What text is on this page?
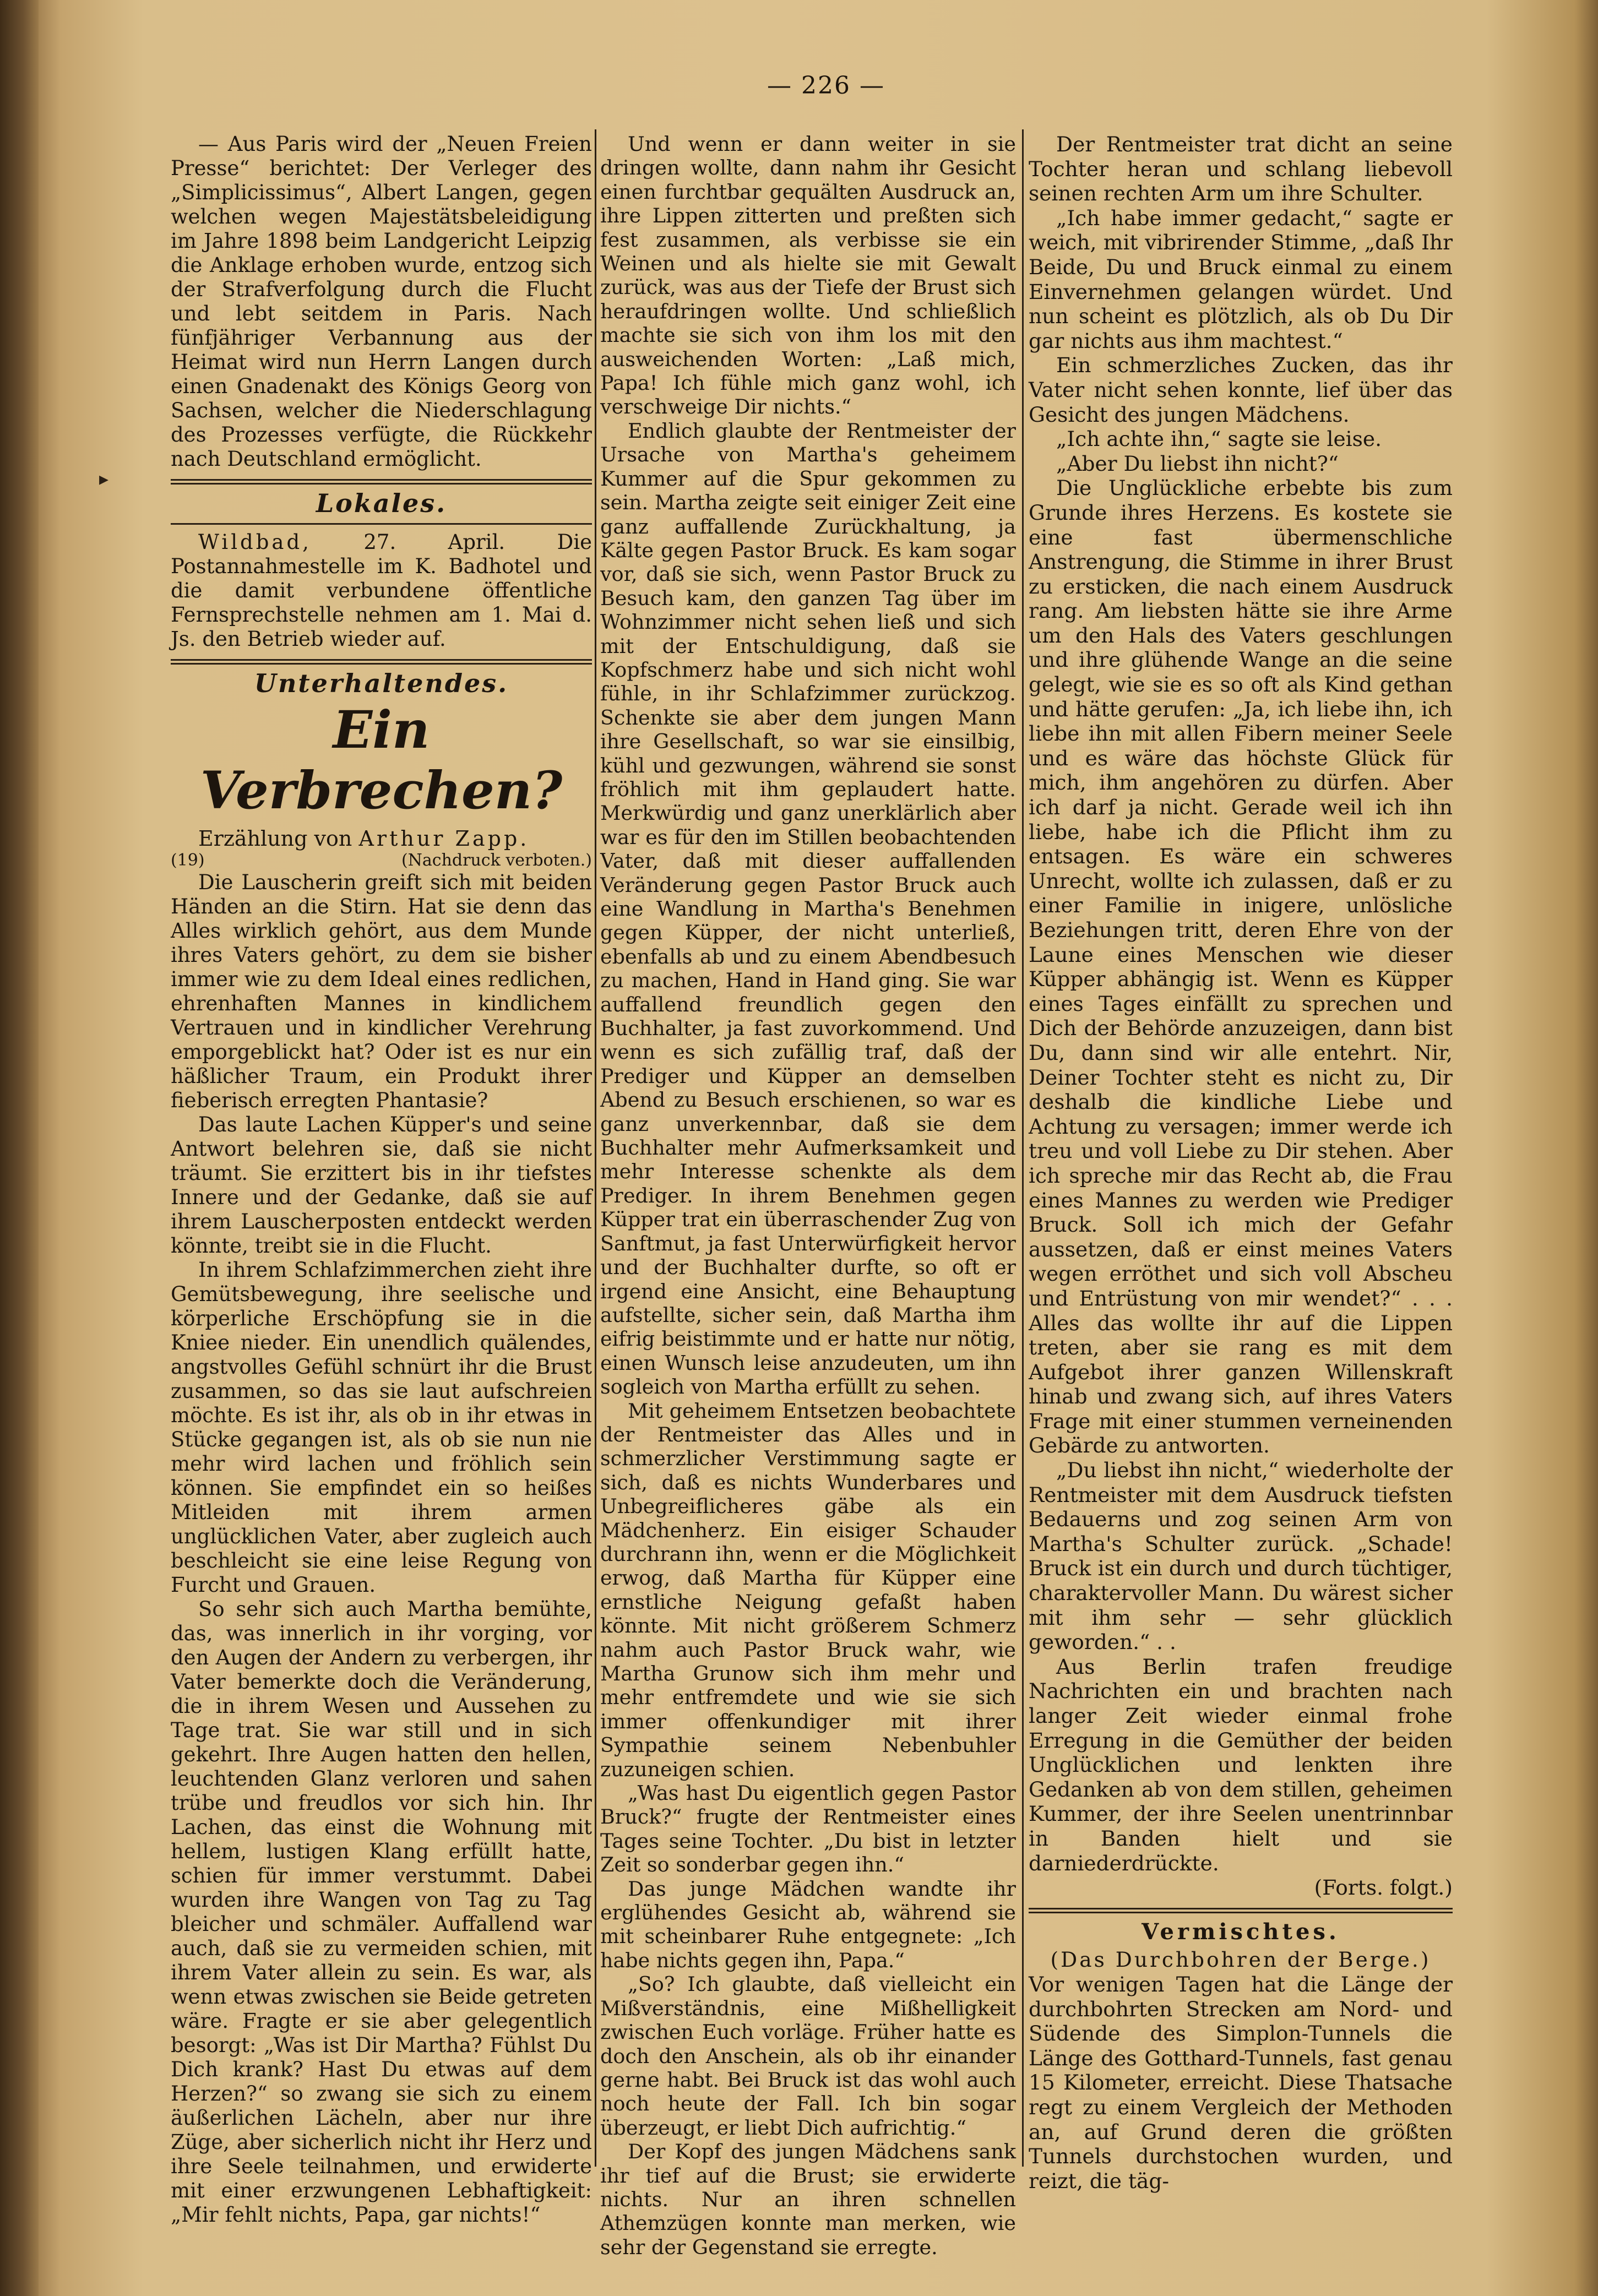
— 226 —
▸

— Aus Paris wird der „Neuen Freien Presse“ berichtet: Der Verleger des „Simplicissimus“, Albert Langen, gegen welchen wegen Majestätsbeleidigung im Jahre 1898 beim Landgericht Leipzig die Anklage erhoben wurde, entzog sich der Strafverfolgung durch die Flucht und lebt seitdem in Paris. Nach fünfjähriger Verbannung aus der Heimat wird nun Herrn Langen durch einen Gnadenakt des Königs Georg von Sachsen, welcher die Niederschlagung des Prozesses verfügte, die Rückkehr nach Deutschland ermöglicht.

Lokales.

Wildbad,	27. April. Die Postannahmestelle im K. Badhotel und die damit verbundene öffentliche Fernsprechstelle nehmen am 1. Mai d. Js. den Betrieb wieder auf.

Unterhaltendes.
Ein Verbrechen?

Erzählung von Arthur Zapp.

(19)	(Nachdruck verboten.)

Die Lauscherin greift sich mit beiden Händen an die Stirn. Hat sie denn das Alles wirklich gehört, aus dem Munde ihres Vaters gehört, zu dem sie bisher immer wie zu dem Ideal eines redlichen, ehrenhaften Mannes in kindlichem Vertrauen und in kindlicher Verehrung emporgeblickt hat? Oder ist es nur ein häßlicher Traum, ein Produkt ihrer fieberisch erregten Phantasie?

Das laute Lachen Küpper's und seine Antwort belehren sie, daß sie nicht träumt. Sie erzittert bis in ihr tiefstes Innere und der Gedanke, daß sie auf ihrem Lauscherposten entdeckt werden könnte, treibt sie in die Flucht.

In ihrem Schlafzimmerchen zieht ihre Gemütsbewegung, ihre seelische und körperliche Erschöpfung sie in die Kniee nieder. Ein unendlich quälendes, angstvolles Gefühl schnürt ihr die Brust zusammen, so das sie laut aufschreien möchte. Es ist ihr, als ob in ihr etwas in Stücke gegangen ist, als ob sie nun nie mehr wird lachen und fröhlich sein können. Sie empfindet ein so heißes Mitleiden mit ihrem armen unglücklichen Vater, aber zugleich auch beschleicht sie eine leise Regung von Furcht und Grauen.

So sehr sich auch Martha bemühte, das, was innerlich in ihr vorging, vor den Augen der Andern zu verbergen, ihr Vater bemerkte doch die Veränderung, die in ihrem Wesen und Aussehen zu Tage trat. Sie war still und in sich gekehrt. Ihre Augen hatten den hellen, leuchtenden Glanz verloren und sahen trübe und freudlos vor sich hin. Ihr Lachen, das einst die Wohnung mit hellem, lustigen Klang erfüllt hatte, schien für immer verstummt. Dabei wurden ihre Wangen von Tag zu Tag bleicher und schmäler. Auffallend war auch, daß sie zu vermeiden schien, mit ihrem Vater allein zu sein. Es war, als wenn etwas zwischen sie Beide getreten wäre. Fragte er sie aber gelegentlich besorgt: „Was ist Dir Martha? Fühlst Du Dich krank? Hast Du etwas auf dem Herzen?“ so zwang sie sich zu einem äußerlichen Lächeln, aber nur ihre Züge, aber sicherlich nicht ihr Herz und ihre Seele teilnahmen, und erwiderte mit einer erzwungenen Lebhaftigkeit: „Mir fehlt nichts, Papa, gar nichts!“

Und wenn er dann weiter in sie dringen wollte, dann nahm ihr Gesicht einen furchtbar gequälten Ausdruck an, ihre Lippen zitterten und preßten sich fest zusammen, als verbisse sie ein Weinen und als hielte sie mit Gewalt zurück, was aus der Tiefe der Brust sich heraufdringen wollte. Und schließlich machte sie sich von ihm los mit den ausweichenden Worten: „Laß mich, Papa! Ich fühle mich ganz wohl, ich verschweige Dir nichts.“

Endlich glaubte der Rentmeister der Ursache von Martha's geheimem Kummer auf die Spur gekommen zu sein. Martha zeigte seit einiger Zeit eine ganz auffallende Zurückhaltung, ja Kälte gegen Pastor Bruck. Es kam sogar vor, daß sie sich, wenn Pastor Bruck zu Besuch kam, den ganzen Tag über im Wohnzimmer nicht sehen ließ und sich mit der Entschuldigung, daß sie Kopfschmerz habe und sich nicht wohl fühle, in ihr Schlafzimmer zurückzog. Schenkte sie aber dem jungen Mann ihre Gesellschaft, so war sie einsilbig, kühl und gezwungen, während sie sonst fröhlich mit ihm geplaudert hatte. Merkwürdig und ganz unerklärlich aber war es für den im Stillen beobachtenden Vater, daß mit dieser auffallenden Veränderung gegen Pastor Bruck auch eine Wandlung in Martha's Benehmen gegen Küpper, der nicht unterließ, ebenfalls ab und zu einem Abendbesuch zu machen, Hand in Hand ging. Sie war auffallend freundlich gegen den Buchhalter, ja fast zuvorkommend. Und wenn es sich zufällig traf, daß der Prediger und Küpper an demselben Abend zu Besuch erschienen, so war es ganz unverkennbar, daß sie dem Buchhalter mehr Aufmerksamkeit und mehr Interesse schenkte als dem Prediger. In ihrem Benehmen gegen Küpper trat ein überraschender Zug von Sanftmut, ja fast Unterwürfigkeit hervor und der Buchhalter durfte, so oft er irgend eine Ansicht, eine Behauptung aufstellte, sicher sein, daß Martha ihm eifrig beistimmte und er hatte nur nötig, einen Wunsch leise anzudeuten, um ihn sogleich von Martha erfüllt zu sehen.

Mit geheimem Entsetzen beobachtete der Rentmeister das Alles und in schmerzlicher Verstimmung sagte er sich, daß es nichts Wunderbares und Unbegreiflicheres gäbe als ein Mädchenherz. Ein eisiger Schauder durchrann ihn, wenn er die Möglichkeit erwog, daß Martha für Küpper eine ernstliche Neigung gefaßt haben könnte. Mit nicht größerem Schmerz nahm auch Pastor Bruck wahr, wie Martha Grunow sich ihm mehr und mehr entfremdete und wie sie sich immer offenkundiger mit ihrer Sympathie seinem Nebenbuhler zuzuneigen schien.

„Was hast Du eigentlich gegen Pastor Bruck?“ frugte der Rentmeister eines Tages seine Tochter. „Du bist in letzter Zeit so sonderbar gegen ihn.“

Das junge Mädchen wandte ihr erglühendes Gesicht ab, während sie mit scheinbarer Ruhe entgegnete: „Ich habe nichts gegen ihn, Papa.“

„So? Ich glaubte, daß vielleicht ein Mißverständnis, eine Mißhelligkeit zwischen Euch vorläge. Früher hatte es doch den Anschein, als ob ihr einander gerne habt. Bei Bruck ist das wohl auch noch heute der Fall. Ich bin sogar überzeugt, er liebt Dich aufrichtig.“

Der Kopf des jungen Mädchens sank ihr tief auf die Brust; sie erwiderte nichts. Nur an ihren schnellen Athemzügen konnte man merken, wie sehr der Gegenstand sie erregte.

Der Rentmeister trat dicht an seine Tochter heran und schlang liebevoll seinen rechten Arm um ihre Schulter.

„Ich habe immer gedacht,“ sagte er weich, mit vibrirender Stimme, „daß Ihr Beide, Du und Bruck einmal zu einem Einvernehmen gelangen würdet. Und nun scheint es plötzlich, als ob Du Dir gar nichts aus ihm machtest.“

Ein schmerzliches Zucken, das ihr Vater nicht sehen konnte, lief über das Gesicht des jungen Mädchens.

„Ich achte ihn,“ sagte sie leise.

„Aber Du liebst ihn nicht?“

Die Unglückliche erbebte bis zum Grunde ihres Herzens. Es kostete sie eine fast übermenschliche Anstrengung, die Stimme in ihrer Brust zu ersticken, die nach einem Ausdruck rang. Am liebsten hätte sie ihre Arme um den Hals des Vaters geschlungen und ihre glühende Wange an die seine gelegt, wie sie es so oft als Kind gethan und hätte gerufen: „Ja, ich liebe ihn, ich liebe ihn mit allen Fibern meiner Seele und es wäre das höchste Glück für mich, ihm angehören zu dürfen. Aber ich darf ja nicht. Gerade weil ich ihn liebe, habe ich die Pflicht ihm zu entsagen. Es wäre ein schweres Unrecht, wollte ich zulassen, daß er zu einer Familie in inigere, unlösliche Beziehungen tritt, deren Ehre von der Laune eines Menschen wie dieser Küpper abhängig ist. Wenn es Küpper eines Tages einfällt zu sprechen und Dich der Behörde anzuzeigen, dann bist Du, dann sind wir alle entehrt. Nir, Deiner Tochter steht es nicht zu, Dir deshalb die kindliche Liebe und Achtung zu versagen; immer werde ich treu und voll Liebe zu Dir stehen. Aber ich spreche mir das Recht ab, die Frau eines Mannes zu werden wie Prediger Bruck. Soll ich mich der Gefahr aussetzen, daß er einst meines Vaters wegen erröthet und sich voll Abscheu und Entrüstung von mir wendet?“ . . . Alles das wollte ihr auf die Lippen treten, aber sie rang es mit dem Aufgebot ihrer ganzen Willenskraft hinab und zwang sich, auf ihres Vaters Frage mit einer stummen verneinenden Gebärde zu antworten.

„Du liebst ihn nicht,“ wiederholte der Rentmeister mit dem Ausdruck tiefsten Bedauerns und zog seinen Arm von Martha's Schulter zurück. „Schade! Bruck ist ein durch und durch tüchtiger, charaktervoller Mann. Du wärest sicher mit ihm sehr — sehr glücklich geworden.“ . .

Aus Berlin trafen freudige Nachrichten ein und brachten nach langer Zeit wieder einmal frohe Erregung in die Gemüther der beiden Unglücklichen und lenkten ihre Gedanken ab von dem stillen, geheimen Kummer, der ihre Seelen unentrinnbar in Banden hielt und sie darniederdrückte.

(Forts. folgt.)

Vermischtes.

(Das Durchbohren der Berge.)

Vor wenigen Tagen hat die Länge der durchbohrten Strecken am Nord- und Südende des Simplon-Tunnels die Länge des Gotthard-Tunnels, fast genau 15 Kilometer, erreicht. Diese Thatsache regt zu einem Vergleich der Methoden an, auf Grund deren die größten Tunnels durchstochen wurden, und reizt, die täg-
